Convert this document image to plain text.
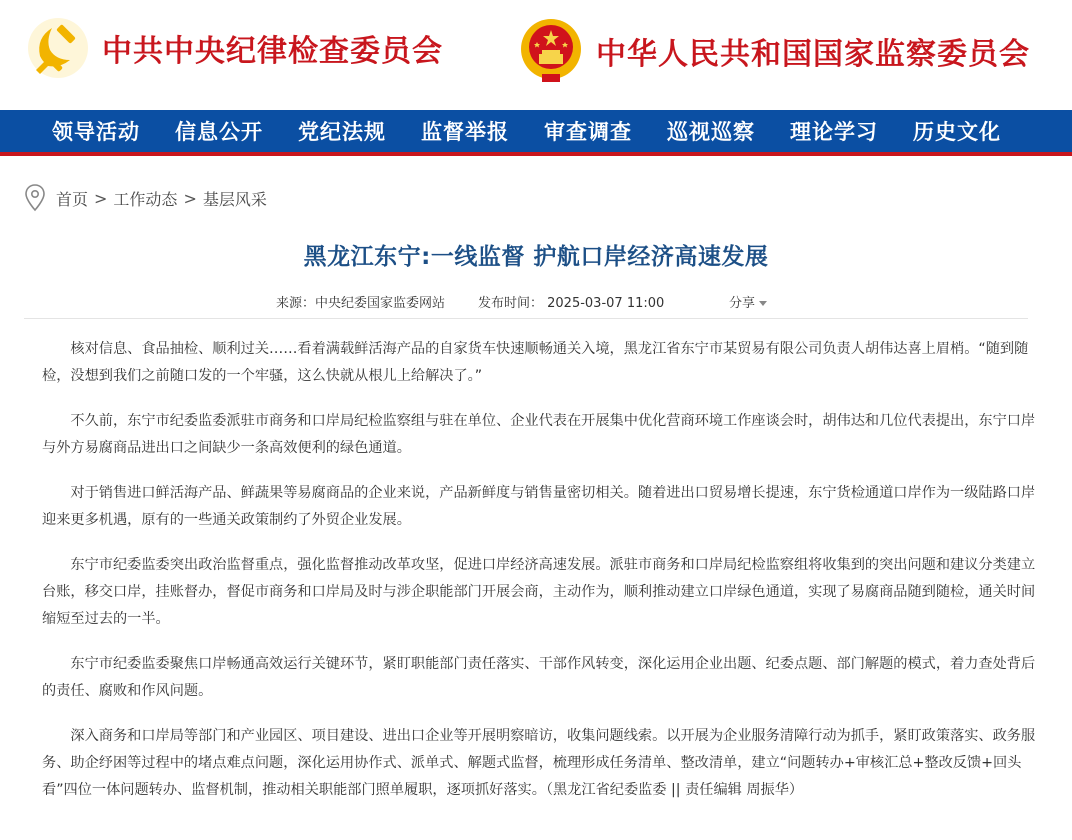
中共中央纪律检查委员会	中华人民共和国国家监察委员会
领导活动 信息公开 党纪法规 监督举报 审查调查 巡视巡察 理论学习 历史文化
首页 > 工作动态 > 基层风采
黑龙江东宁:一线监督 护航口岸经济高速发展
来源：中央纪委国家监委网站	发布时间： 2025-03-07 11:00	分享

核对信息、食品抽检、顺利过关……看着满载鲜活海产品的自家货车快速顺畅通关入境，黑龙江省东宁市某贸易有限公司负责人胡伟达喜上眉梢。“随到随检，没想到我们之前随口发的一个牢骚，这么快就从根儿上给解决了。”

不久前，东宁市纪委监委派驻市商务和口岸局纪检监察组与驻在单位、企业代表在开展集中优化营商环境工作座谈会时，胡伟达和几位代表提出，东宁口岸与外方易腐商品进出口之间缺少一条高效便利的绿色通道。

对于销售进口鲜活海产品、鲜蔬果等易腐商品的企业来说，产品新鲜度与销售量密切相关。随着进出口贸易增长提速，东宁货检通道口岸作为一级陆路口岸迎来更多机遇，原有的一些通关政策制约了外贸企业发展。

东宁市纪委监委突出政治监督重点，强化监督推动改革攻坚，促进口岸经济高速发展。派驻市商务和口岸局纪检监察组将收集到的突出问题和建议分类建立台账，移交口岸，挂账督办，督促市商务和口岸局及时与涉企职能部门开展会商，主动作为，顺利推动建立口岸绿色通道，实现了易腐商品随到随检，通关时间缩短至过去的一半。

东宁市纪委监委聚焦口岸畅通高效运行关键环节，紧盯职能部门责任落实、干部作风转变，深化运用企业出题、纪委点题、部门解题的模式，着力查处背后的责任、腐败和作风问题。

深入商务和口岸局等部门和产业园区、项目建设、进出口企业等开展明察暗访，收集问题线索。以开展为企业服务清障行动为抓手，紧盯政策落实、政务服务、助企纾困等过程中的堵点难点问题，深化运用协作式、派单式、解题式监督，梳理形成任务清单、整改清单，建立“问题转办+审核汇总+整改反馈+回头看”四位一体问题转办、监督机制，推动相关职能部门照单履职，逐项抓好落实。（黑龙江省纪委监委 || 责任编辑 周振华）
